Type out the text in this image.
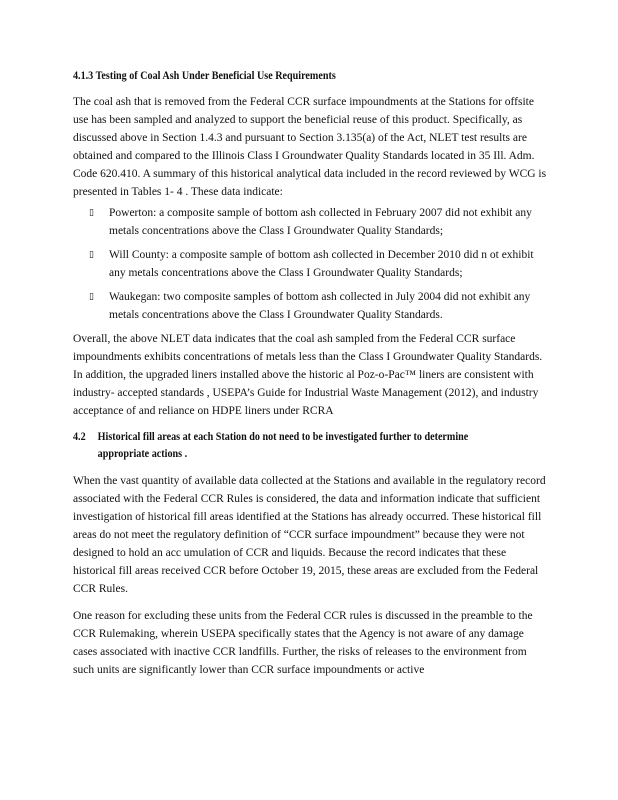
4.1.3 Testing of Coal Ash Under Beneficial Use Requirements

The coal ash that is removed from the Federal CCR surface impoundments at the Stations for offsite use has been sampled and analyzed to support the beneficial reuse of this product. Specifically, as discussed above in Section 1.4.3 and pursuant to Section 3.135(a) of the Act, NLET test results are obtained and compared to the Illinois Class I Groundwater Quality Standards located in 35 Ill. Adm. Code 620.410. A summary of this historical analytical data included in the record reviewed by WCG is presented in Tables 1- 4 . These data indicate:

▯	Powerton: a composite sample of bottom ash collected in February 2007 did not exhibit any metals concentrations above the Class I Groundwater Quality Standards;
▯	Will County: a composite sample of bottom ash collected in December 2010 did n ot exhibit any metals concentrations above the Class I Groundwater Quality Standards;
▯	Waukegan: two composite samples of bottom ash collected in July 2004 did not exhibit any metals concentrations above the Class I Groundwater Quality Standards.

Overall, the above NLET data indicates that the coal ash sampled from the Federal CCR surface impoundments exhibits concentrations of metals less than the Class I Groundwater Quality Standards. In addition, the upgraded liners installed above the historic al Poz-o-Pac™ liners are consistent with industry- accepted standards , USEPA’s Guide for Industrial Waste Management (2012), and industry acceptance of and reliance on HDPE liners under RCRA

4.2	Historical fill areas at each Station do not need to be investigated further to determine appropriate actions .

When the vast quantity of available data collected at the Stations and available in the regulatory record associated with the Federal CCR Rules is considered, the data and information indicate that sufficient investigation of historical fill areas identified at the Stations has already occurred. These historical fill areas do not meet the regulatory definition of “CCR surface impoundment” because they were not designed to hold an acc umulation of CCR and liquids. Because the record indicates that these historical fill areas received CCR before October 19, 2015, these areas are excluded from the Federal CCR Rules.

One reason for excluding these units from the Federal CCR rules is discussed in the preamble to the CCR Rulemaking, wherein USEPA specifically states that the Agency is not aware of any damage cases associated with inactive CCR landfills. Further, the risks of releases to the environment from such units are significantly lower than CCR surface impoundments or active
